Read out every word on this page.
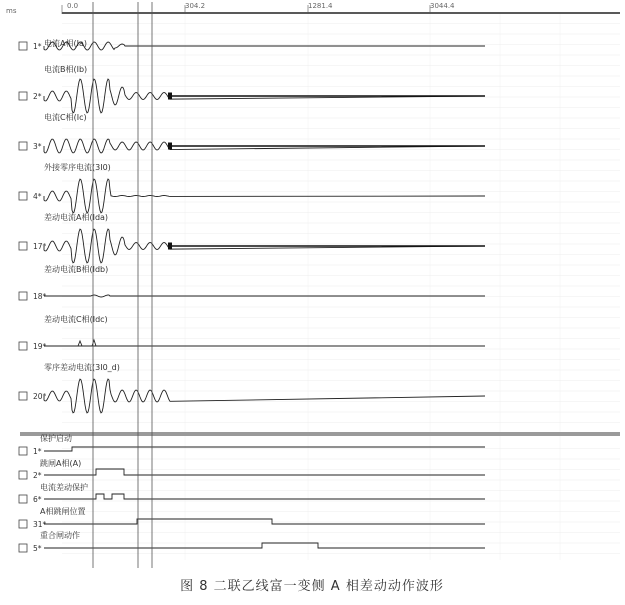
ms
0.0	304.2	1281.4	3044.4
电流A相(Ia)
1*
电流B相(Ib)
2*
电流C相(Ic)
3*
外接零序电流(3I0)
4*
差动电流A相(Ida)
17*
差动电流B相(Idb)
18*
差动电流C相(Idc)
19*
零序差动电流(3I0_d)
20*
保护启动
1*
跳闸A相(A)
2*
电流差动保护
6*
A相跳闸位置
31*
重合闸动作
5*
图 8 二联乙线富一变侧 A 相差动动作波形
